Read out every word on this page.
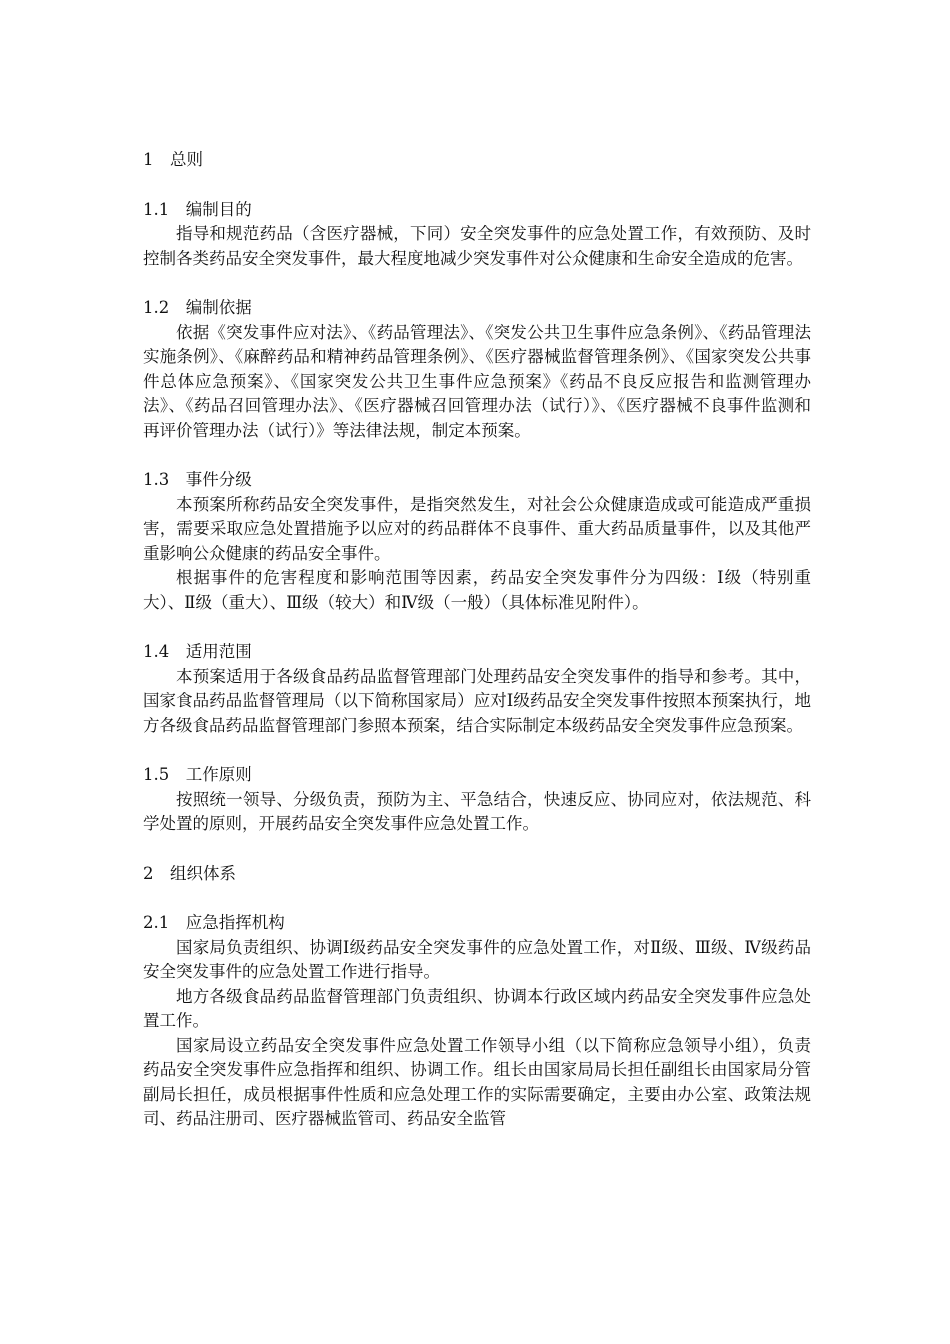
1　总则

1.1　编制目的

指导和规范药品（含医疗器械，下同）安全突发事件的应急处置工作，有效预防、及时控制各类药品安全突发事件，最大程度地减少突发事件对公众健康和生命安全造成的危害。

1.2　编制依据

依据《突发事件应对法》、《药品管理法》、《突发公共卫生事件应急条例》、《药品管理法实施条例》、《麻醉药品和精神药品管理条例》、《医疗器械监督管理条例》、《国家突发公共事件总体应急预案》、《国家突发公共卫生事件应急预案》《药品不良反应报告和监测管理办法》、《药品召回管理办法》、《医疗器械召回管理办法（试行）》、《医疗器械不良事件监测和再评价管理办法（试行）》等法律法规，制定本预案。

1.3　事件分级

本预案所称药品安全突发事件，是指突然发生，对社会公众健康造成或可能造成严重损害，需要采取应急处置措施予以应对的药品群体不良事件、重大药品质量事件，以及其他严重影响公众健康的药品安全事件。

根据事件的危害程度和影响范围等因素，药品安全突发事件分为四级：Ⅰ级（特别重大）、Ⅱ级（重大）、Ⅲ级（较大）和Ⅳ级（一般）（具体标准见附件）。

1.4　适用范围

本预案适用于各级食品药品监督管理部门处理药品安全突发事件的指导和参考。其中，国家食品药品监督管理局（以下简称国家局）应对Ⅰ级药品安全突发事件按照本预案执行，地方各级食品药品监督管理部门参照本预案，结合实际制定本级药品安全突发事件应急预案。

1.5　工作原则

按照统一领导、分级负责，预防为主、平急结合，快速反应、协同应对，依法规范、科学处置的原则，开展药品安全突发事件应急处置工作。

2　组织体系

2.1　应急指挥机构

国家局负责组织、协调Ⅰ级药品安全突发事件的应急处置工作，对Ⅱ级、Ⅲ级、Ⅳ级药品安全突发事件的应急处置工作进行指导。

地方各级食品药品监督管理部门负责组织、协调本行政区域内药品安全突发事件应急处置工作。

国家局设立药品安全突发事件应急处置工作领导小组（以下简称应急领导小组），负责药品安全突发事件应急指挥和组织、协调工作。组长由国家局局长担任副组长由国家局分管副局长担任，成员根据事件性质和应急处理工作的实际需要确定，主要由办公室、政策法规司、药品注册司、医疗器械监管司、药品安全监管
